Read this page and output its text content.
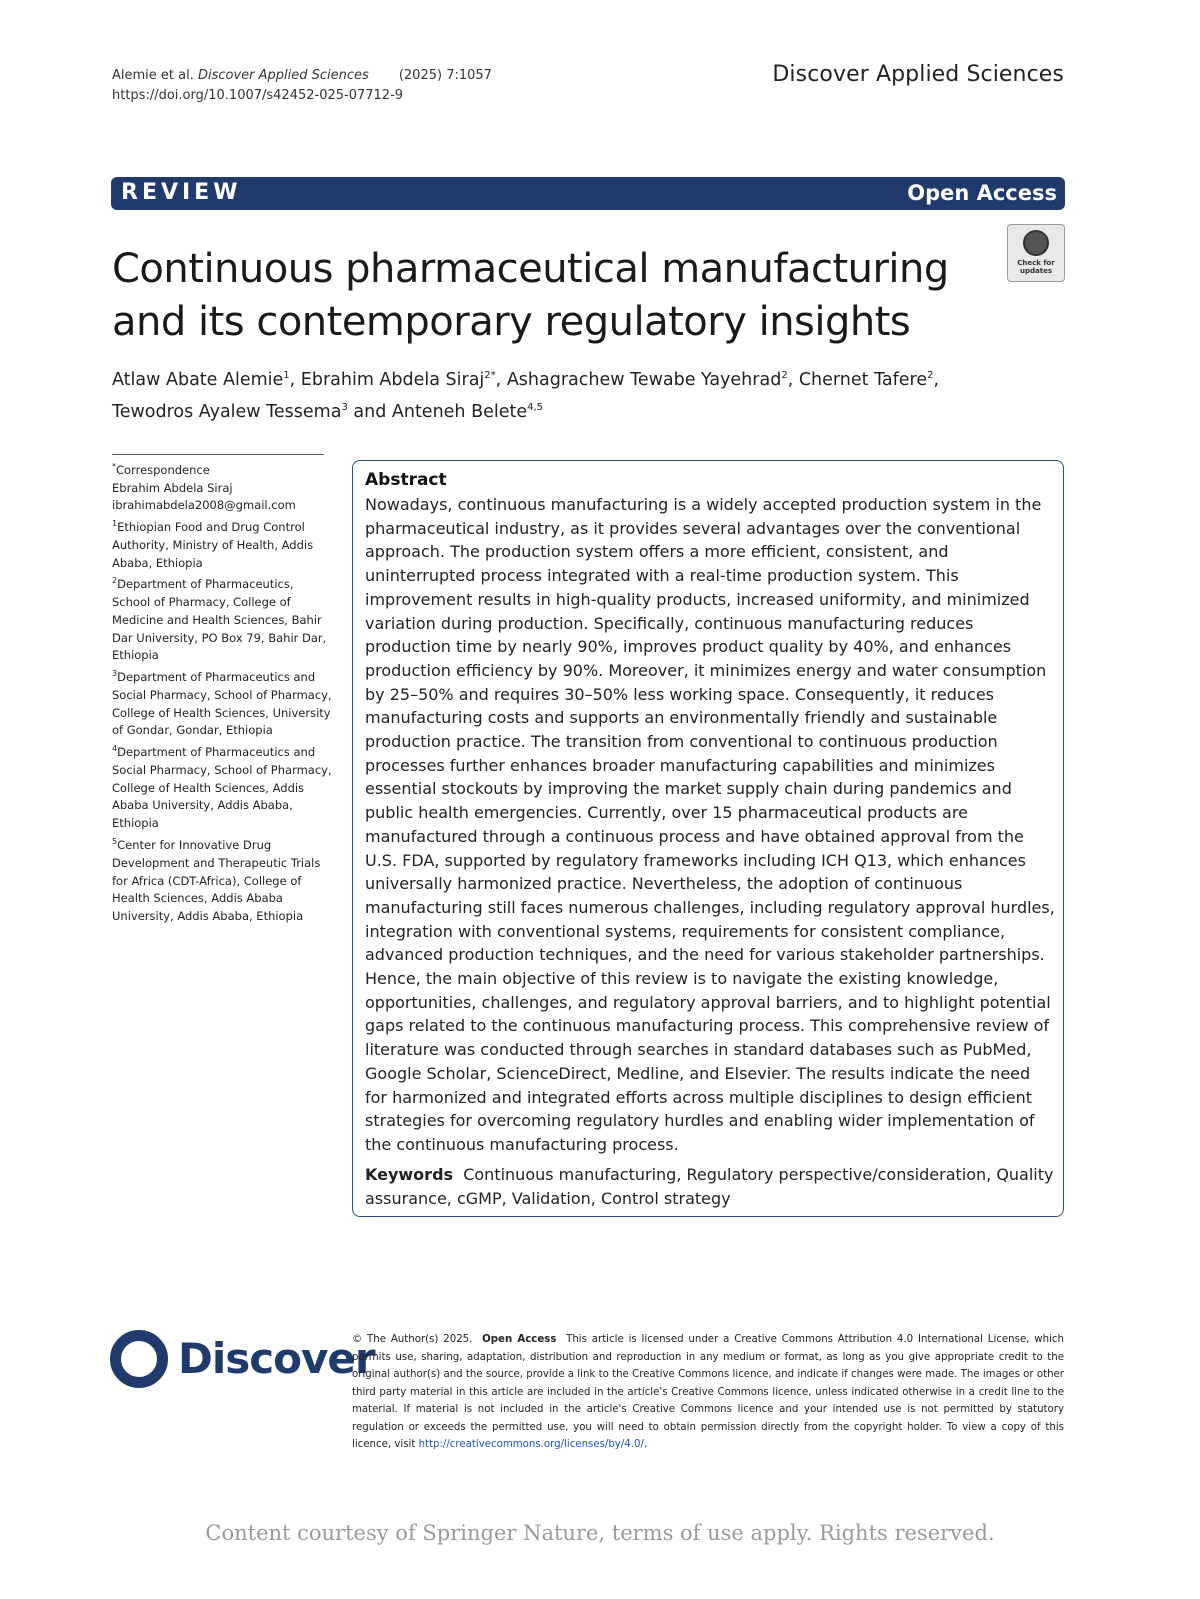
Alemie et al. Discover Applied Sciences (2025) 7:1057
https://doi.org/10.1007/s42452-025-07712-9
Discover Applied Sciences
REVIEW	Open Access
Check for updates
Continuous pharmaceutical manufacturing
and its contemporary regulatory insights
Atlaw Abate Alemie$^1$, Ebrahim Abdela Siraj$^{2*}$, Ashagrachew Tewabe Yayehrad$^2$, Chernet Tafere$^2$,
Tewodros Ayalew Tessema$^3$ and Anteneh Belete$^{4,5}$
*Correspondence
Ebrahim Abdela Siraj
ibrahimabdela2008@gmail.com
$^1$Ethiopian Food and Drug Control Authority, Ministry of Health, Addis Ababa, Ethiopia
$^2$Department of Pharmaceutics, School of Pharmacy, College of Medicine and Health Sciences, Bahir Dar University, PO Box 79, Bahir Dar, Ethiopia
$^3$Department of Pharmaceutics and Social Pharmacy, School of Pharmacy, College of Health Sciences, University of Gondar, Gondar, Ethiopia
$^4$Department of Pharmaceutics and Social Pharmacy, School of Pharmacy, College of Health Sciences, Addis Ababa University, Addis Ababa, Ethiopia
$^5$Center for Innovative Drug Development and Therapeutic Trials for Africa (CDT-Africa), College of Health Sciences, Addis Ababa University, Addis Ababa, Ethiopia
Abstract
Nowadays, continuous manufacturing is a widely accepted production system in the pharmaceutical industry, as it provides several advantages over the conventional approach. The production system offers a more efficient, consistent, and uninterrupted process integrated with a real-time production system. This improvement results in high-quality products, increased uniformity, and minimized variation during production. Specifically, continuous manufacturing reduces production time by nearly 90%, improves product quality by 40%, and enhances production efficiency by 90%. Moreover, it minimizes energy and water consumption by 25–50% and requires 30–50% less working space. Consequently, it reduces manufacturing costs and supports an environmentally friendly and sustainable production practice. The transition from conventional to continuous production processes further enhances broader manufacturing capabilities and minimizes essential stockouts by improving the market supply chain during pandemics and public health emergencies. Currently, over 15 pharmaceutical products are manufactured through a continuous process and have obtained approval from the U.S. FDA, supported by regulatory frameworks including ICH Q13, which enhances universally harmonized practice. Nevertheless, the adoption of continuous manufacturing still faces numerous challenges, including regulatory approval hurdles, integration with conventional systems, requirements for consistent compliance, advanced production techniques, and the need for various stakeholder partnerships. Hence, the main objective of this review is to navigate the existing knowledge, opportunities, challenges, and regulatory approval barriers, and to highlight potential gaps related to the continuous manufacturing process. This comprehensive review of literature was conducted through searches in standard databases such as PubMed, Google Scholar, ScienceDirect, Medline, and Elsevier. The results indicate the need for harmonized and integrated efforts across multiple disciplines to design efficient strategies for overcoming regulatory hurdles and enabling wider implementation of the continuous manufacturing process.
Keywords Continuous manufacturing, Regulatory perspective/consideration, Quality assurance, cGMP, Validation, Control strategy
Discover
© The Author(s) 2025. Open Access This article is licensed under a Creative Commons Attribution 4.0 International License, which permits use, sharing, adaptation, distribution and reproduction in any medium or format, as long as you give appropriate credit to the original author(s) and the source, provide a link to the Creative Commons licence, and indicate if changes were made. The images or other third party material in this article are included in the article's Creative Commons licence, unless indicated otherwise in a credit line to the material. If material is not included in the article's Creative Commons licence and your intended use is not permitted by statutory regulation or exceeds the permitted use, you will need to obtain permission directly from the copyright holder. To view a copy of this licence, visit http://creativecommons.org/licenses/by/4.0/.
Content courtesy of Springer Nature, terms of use apply. Rights reserved.
